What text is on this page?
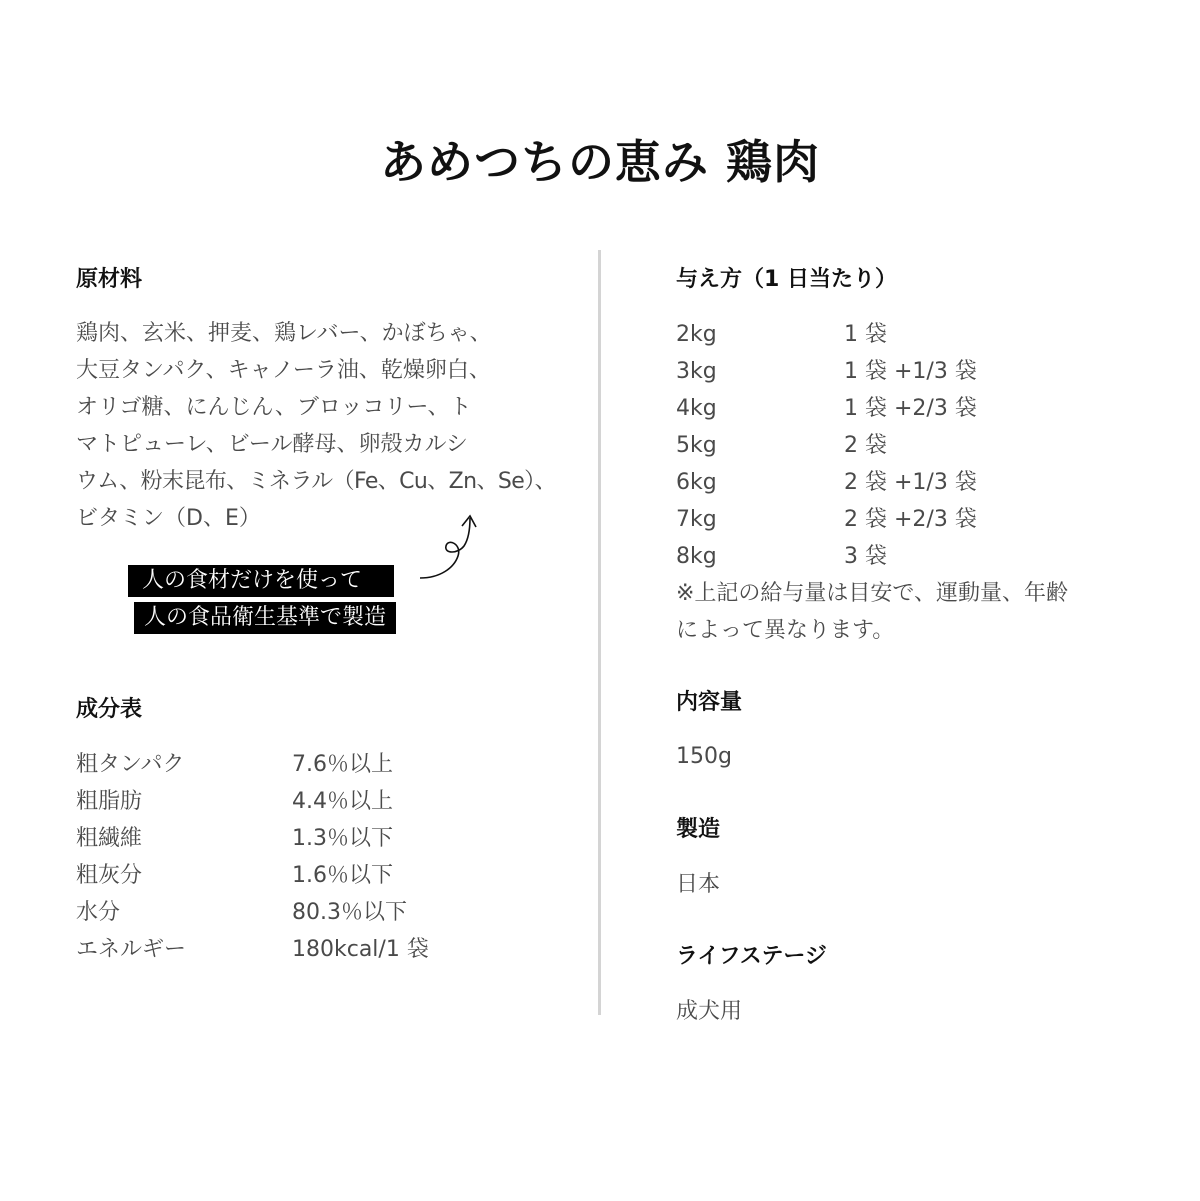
あめつちの恵み 鶏肉
原材料
鶏肉、玄米、押麦、鶏レバー、かぼちゃ、
大豆タンパク、キャノーラ油、乾燥卵白、
オリゴ糖、にんじん、ブロッコリー、ト
マトピューレ、ビール酵母、卵殻カルシ
ウム、粉末昆布、ミネラル（Fe、Cu、Zn、Se）、
ビタミン（D、E）
人の食材だけを使って
人の食品衛生基準で製造
成分表
粗タンパク	7.6％以上
粗脂肪	4.4％以上
粗繊維	1.3％以下
粗灰分	1.6％以下
水分	80.3％以下
エネルギー	180kcal/1 袋
与え方（1 日当たり）
2kg	1 袋
3kg	1 袋 +1/3 袋
4kg	1 袋 +2/3 袋
5kg	2 袋
6kg	2 袋 +1/3 袋
7kg	2 袋 +2/3 袋
8kg	3 袋
※上記の給与量は目安で、運動量、年齢
によって異なります。
内容量
150g
製造
日本
ライフステージ
成犬用
